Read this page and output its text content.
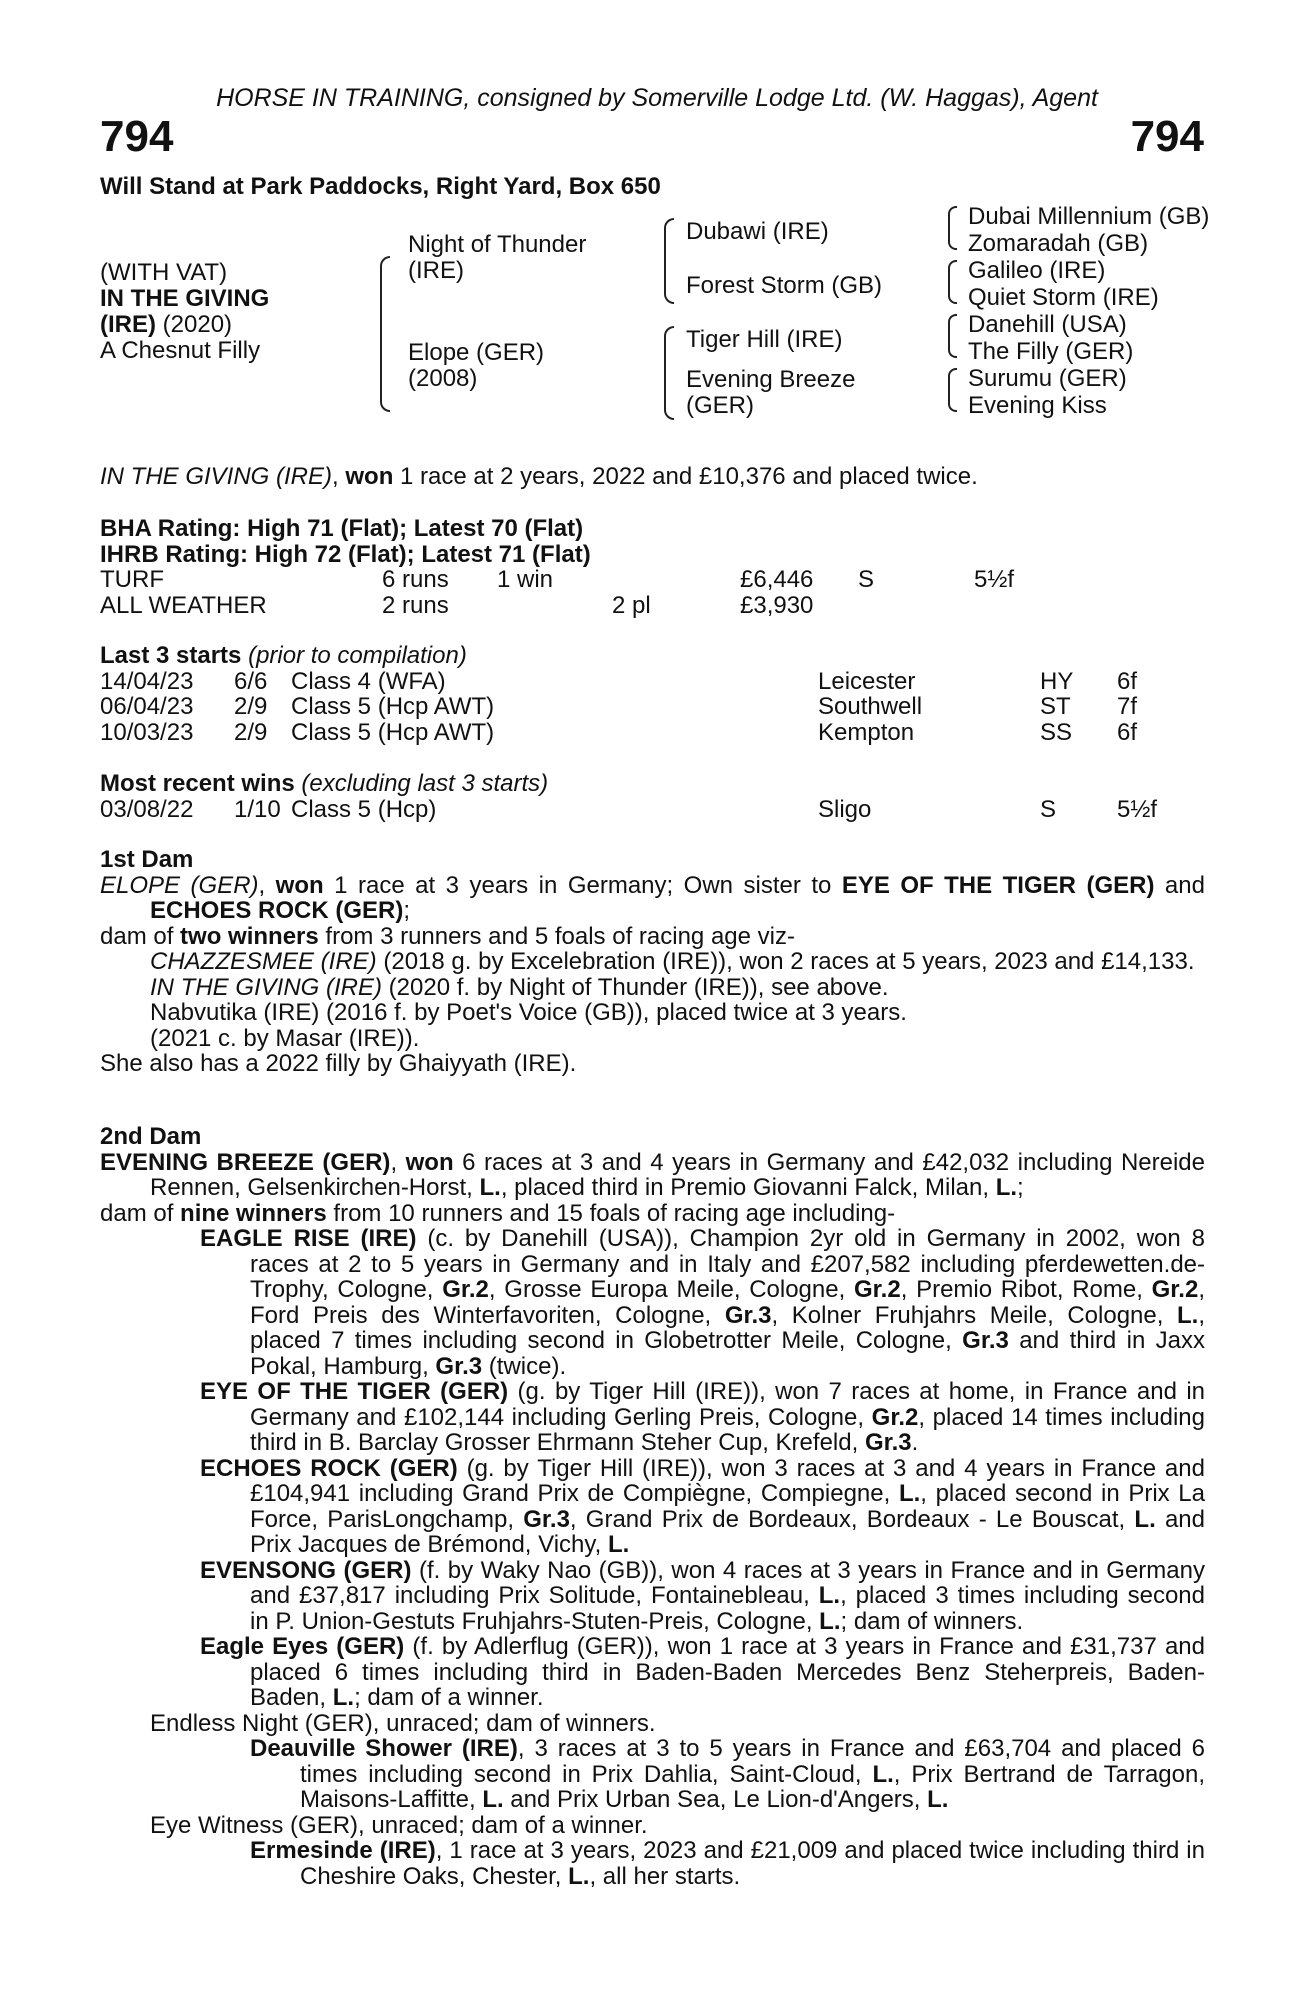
HORSE IN TRAINING, consigned by Somerville Lodge Ltd. (W. Haggas), Agent
794	794
Will Stand at Park Paddocks, Right Yard, Box 650
(WITH VAT)
IN THE GIVING
(IRE) (2020)
A Chesnut Filly
Night of Thunder
(IRE)
Elope (GER)
(2008)
Dubawi (IRE)
Forest Storm (GB)
Tiger Hill (IRE)
Evening Breeze
(GER)
Dubai Millennium (GB)
Zomaradah (GB)
Galileo (IRE)
Quiet Storm (IRE)
Danehill (USA)
The Filly (GER)
Surumu (GER)
Evening Kiss
IN THE GIVING (IRE), won 1 race at 2 years, 2022 and £10,376 and placed twice.
BHA Rating: High 71 (Flat); Latest 70 (Flat)
IHRB Rating: High 72 (Flat); Latest 71 (Flat)
TURF	6 runs 1 win	£6,446 S	5½f
ALL WEATHER	2 runs	2 pl	£3,930
Last 3 starts (prior to compilation)
14/04/23 6/6 Class 4 (WFA)	Leicester	HY 6f
06/04/23 2/9 Class 5 (Hcp AWT)	Southwell	ST 7f
10/03/23 2/9 Class 5 (Hcp AWT)	Kempton	SS 6f
Most recent wins (excluding last 3 starts)
03/08/22 1/10 Class 5 (Hcp)	Sligo	S	5½f
1st Dam

ELOPE (GER), won 1 race at 3 years in Germany; Own sister to EYE OF THE TIGER (GER) and ECHOES ROCK (GER);

dam of two winners from 3 runners and 5 foals of racing age viz-

CHAZZESMEE (IRE) (2018 g. by Excelebration (IRE)), won 2 races at 5 years, 2023 and £14,133.

IN THE GIVING (IRE) (2020 f. by Night of Thunder (IRE)), see above.

Nabvutika (IRE) (2016 f. by Poet's Voice (GB)), placed twice at 3 years.

(2021 c. by Masar (IRE)).

She also has a 2022 filly by Ghaiyyath (IRE).

2nd Dam

EVENING BREEZE (GER), won 6 races at 3 and 4 years in Germany and £42,032 including Nereide Rennen, Gelsenkirchen-Horst, L., placed third in Premio Giovanni Falck, Milan, L.;

dam of nine winners from 10 runners and 15 foals of racing age including-

EAGLE RISE (IRE) (c. by Danehill (USA)), Champion 2yr old in Germany in 2002, won 8 races at 2 to 5 years in Germany and in Italy and £207,582 including pferdewetten.de-Trophy, Cologne, Gr.2, Grosse Europa Meile, Cologne, Gr.2, Premio Ribot, Rome, Gr.2, Ford Preis des Winterfavoriten, Cologne, Gr.3, Kolner Fruhjahrs Meile, Cologne, L., placed 7 times including second in Globetrotter Meile, Cologne, Gr.3 and third in Jaxx Pokal, Hamburg, Gr.3 (twice).

EYE OF THE TIGER (GER) (g. by Tiger Hill (IRE)), won 7 races at home, in France and in Germany and £102,144 including Gerling Preis, Cologne, Gr.2, placed 14 times including third in B. Barclay Grosser Ehrmann Steher Cup, Krefeld, Gr.3.

ECHOES ROCK (GER) (g. by Tiger Hill (IRE)), won 3 races at 3 and 4 years in France and £104,941 including Grand Prix de Compiègne, Compiegne, L., placed second in Prix La Force, ParisLongchamp, Gr.3, Grand Prix de Bordeaux, Bordeaux - Le Bouscat, L. and Prix Jacques de Brémond, Vichy, L.

EVENSONG (GER) (f. by Waky Nao (GB)), won 4 races at 3 years in France and in Germany and £37,817 including Prix Solitude, Fontainebleau, L., placed 3 times including second in P. Union-Gestuts Fruhjahrs-Stuten-Preis, Cologne, L.; dam of winners.

Eagle Eyes (GER) (f. by Adlerflug (GER)), won 1 race at 3 years in France and £31,737 and placed 6 times including third in Baden-Baden Mercedes Benz Steherpreis, Baden-Baden, L.; dam of a winner.

Endless Night (GER), unraced; dam of winners.

Deauville Shower (IRE), 3 races at 3 to 5 years in France and £63,704 and placed 6 times including second in Prix Dahlia, Saint-Cloud, L., Prix Bertrand de Tarragon, Maisons-Laffitte, L. and Prix Urban Sea, Le Lion-d'Angers, L.

Eye Witness (GER), unraced; dam of a winner.

Ermesinde (IRE), 1 race at 3 years, 2023 and £21,009 and placed twice including third in Cheshire Oaks, Chester, L., all her starts.
